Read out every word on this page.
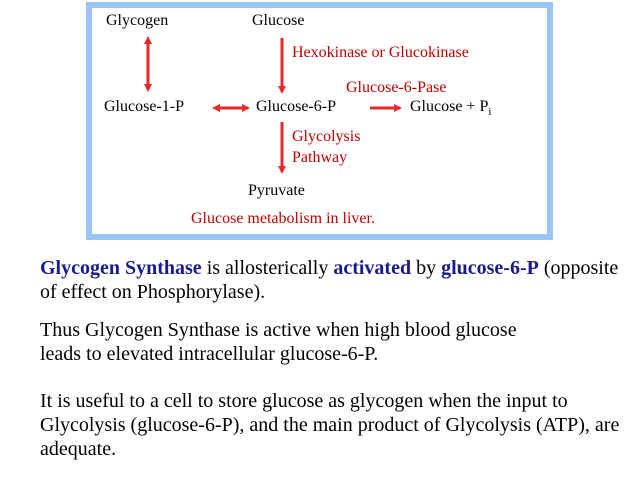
Glycogen	Glucose
Hexokinase or Glucokinase
Glucose-6-Pase
Glucose-1-P	Glucose-6-P	$Glucose + P_i$
Glycolysis
Pathway
Pyruvate
Glucose metabolism in liver.

Glycogen Synthase is allosterically activated by glucose-6-P (opposite of effect on Phosphorylase).

Thus Glycogen Synthase is active when high blood glucose leads to elevated intracellular glucose-6-P.

It is useful to a cell to store glucose as glycogen when the input to Glycolysis (glucose-6-P), and the main product of Glycolysis (ATP), are adequate.
